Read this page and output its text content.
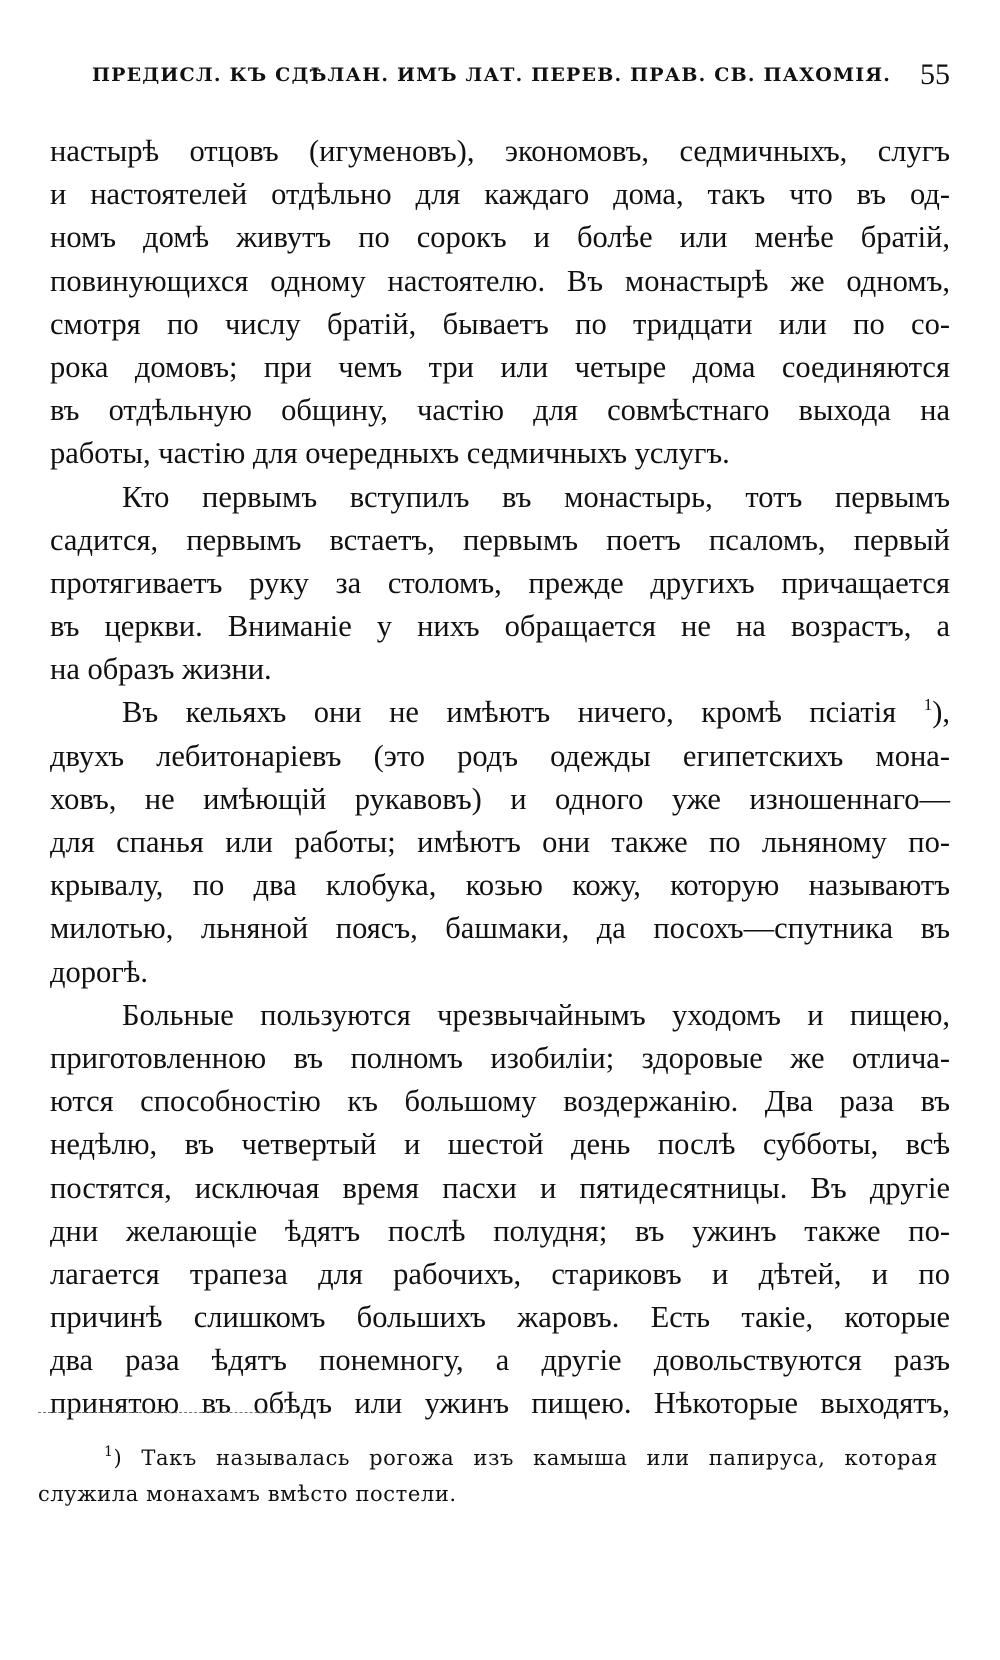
ПРЕДИСЛ. КЪ СДѢЛАН. ИМЪ ЛАТ. ПЕРЕВ. ПРАВ. СВ. ПАХОМІЯ. 55
настырѣ отцовъ (игуменовъ), экономовъ, седмичныхъ, слугъ
и настоятелей отдѣльно для каждаго дома, такъ что въ од-
номъ домѣ живутъ по сорокъ и болѣе или менѣе братій,
повинующихся одному настоятелю. Въ монастырѣ же одномъ,
смотря по числу братій, бываетъ по тридцати или по со-
рока домовъ; при чемъ три или четыре дома соединяются
въ отдѣльную общину, частію для совмѣстнаго выхода на
работы, частію для очередныхъ седмичныхъ услугъ.
Кто первымъ вступилъ въ монастырь, тотъ первымъ
садится, первымъ встаетъ, первымъ поетъ псаломъ, первый
протягиваетъ руку за столомъ, прежде другихъ причащается
въ церкви. Вниманіе у нихъ обращается не на возрастъ, а
на образъ жизни.
Въ кельяхъ они не имѣютъ ничего, кромѣ псіатія $^1$),
двухъ лебитонаріевъ (это родъ одежды египетскихъ мона-
ховъ, не имѣющій рукавовъ) и одного уже изношеннаго—
для спанья или работы; имѣютъ они также по льняному по-
крывалу, по два клобука, козью кожу, которую называютъ
милотью, льняной поясъ, башмаки, да посохъ—спутника въ
дорогѣ.
Больные пользуются чрезвычайнымъ уходомъ и пищею,
приготовленною въ полномъ изобиліи; здоровые же отлича-
ются способностію къ большому воздержанію. Два раза въ
недѣлю, въ четвертый и шестой день послѣ субботы, всѣ
постятся, исключая время пасхи и пятидесятницы. Въ другіе
дни желающіе ѣдятъ послѣ полудня; въ ужинъ также по-
лагается трапеза для рабочихъ, стариковъ и дѣтей, и по
причинѣ слишкомъ большихъ жаровъ. Есть такіе, которые
два раза ѣдятъ понемногу, а другіе довольствуются разъ
принятою въ обѣдъ или ужинъ пищею. Нѣкоторые выходятъ,
$^1$) Такъ называлась рогожа изъ камыша или папируса, которая
служила монахамъ вмѣсто постели.
